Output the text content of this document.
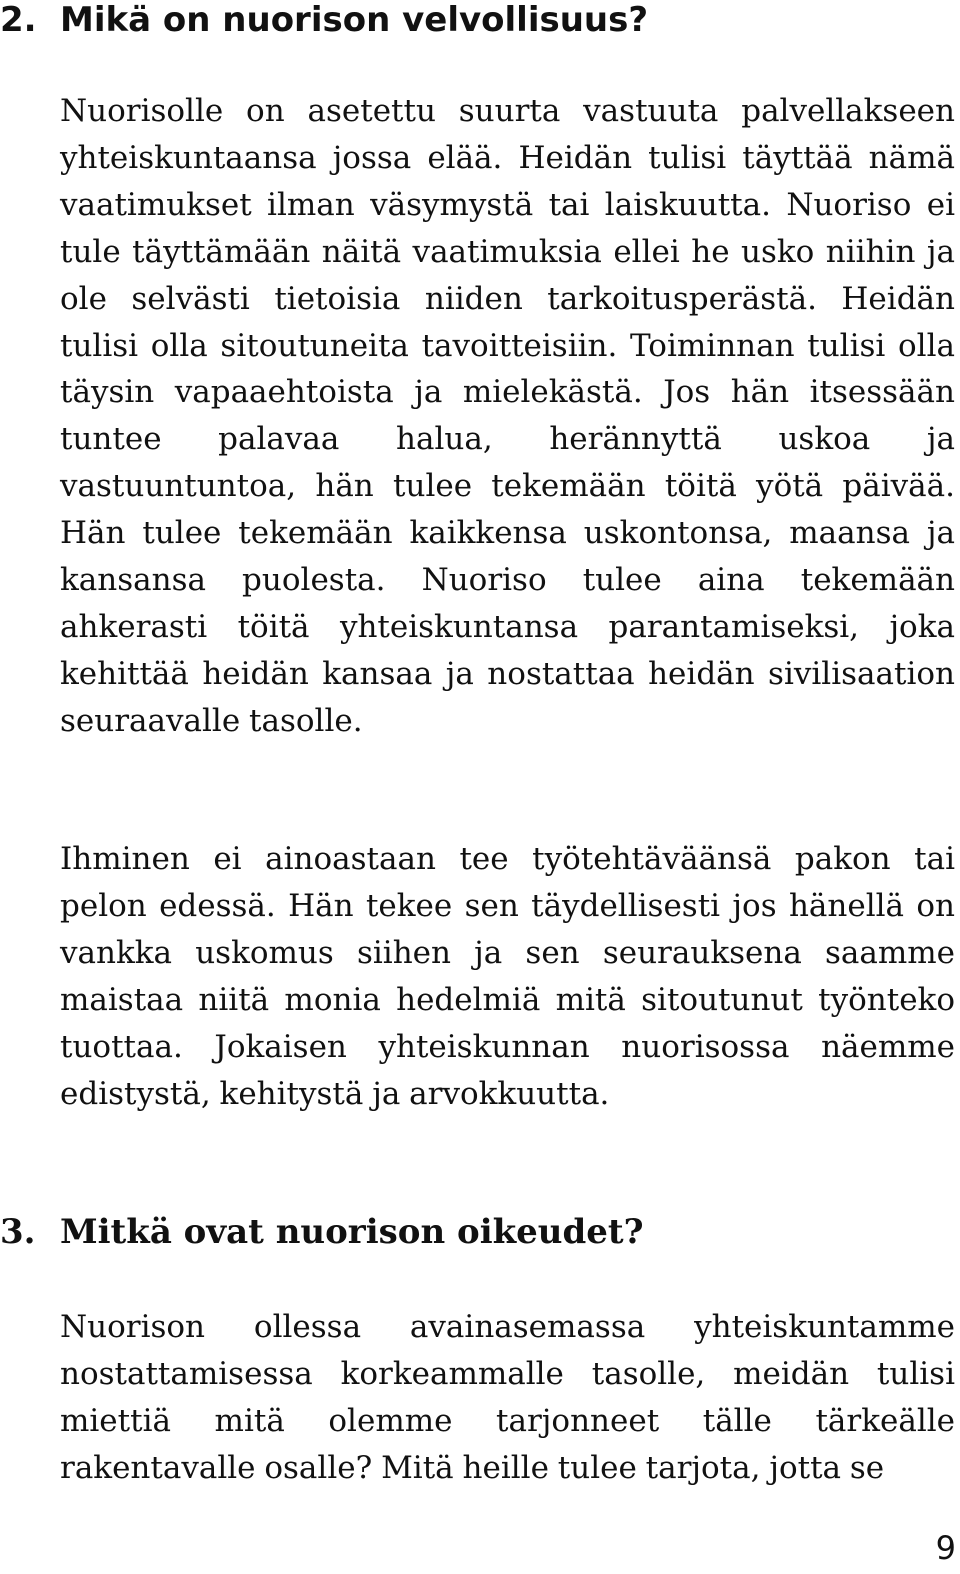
2. Mikä on nuorison velvollisuus?

Nuorisolle on asetettu suurta vastuuta palvellakseen yhteiskuntaansa jossa elää. Heidän tulisi täyttää nämä vaatimukset ilman väsymystä tai laiskuutta. Nuoriso ei tule täyttämään näitä vaatimuksia ellei he usko niihin ja ole selvästi tietoisia niiden tarkoitusperästä. Heidän tulisi olla sitoutuneita tavoitteisiin. Toiminnan tulisi olla täysin vapaaehtoista ja mielekästä. Jos hän itsessään tuntee palavaa halua, herännyttä uskoa ja vastuuntuntoa, hän tulee tekemään töitä yötä päivää. Hän tulee tekemään kaikkensa uskontonsa, maansa ja kansansa puolesta. Nuoriso tulee aina tekemään ahkerasti töitä yhteiskuntansa parantamiseksi, joka kehittää heidän kansaa ja nostattaa heidän sivilisaation seuraavalle tasolle.

Ihminen ei ainoastaan tee työtehtäväänsä pakon tai pelon edessä. Hän tekee sen täydellisesti jos hänellä on vankka uskomus siihen ja sen seurauksena saamme maistaa niitä monia hedelmiä mitä sitoutunut työnteko tuottaa. Jokaisen yhteiskunnan nuorisossa näemme edistystä, kehitystä ja arvokkuutta.

3. Mitkä ovat nuorison oikeudet?

Nuorison ollessa avainasemassa yhteiskuntamme nostattamisessa korkeammalle tasolle, meidän tulisi miettiä mitä olemme tarjonneet tälle tärkeälle rakentavalle osalle? Mitä heille tulee tarjota, jotta se

9
